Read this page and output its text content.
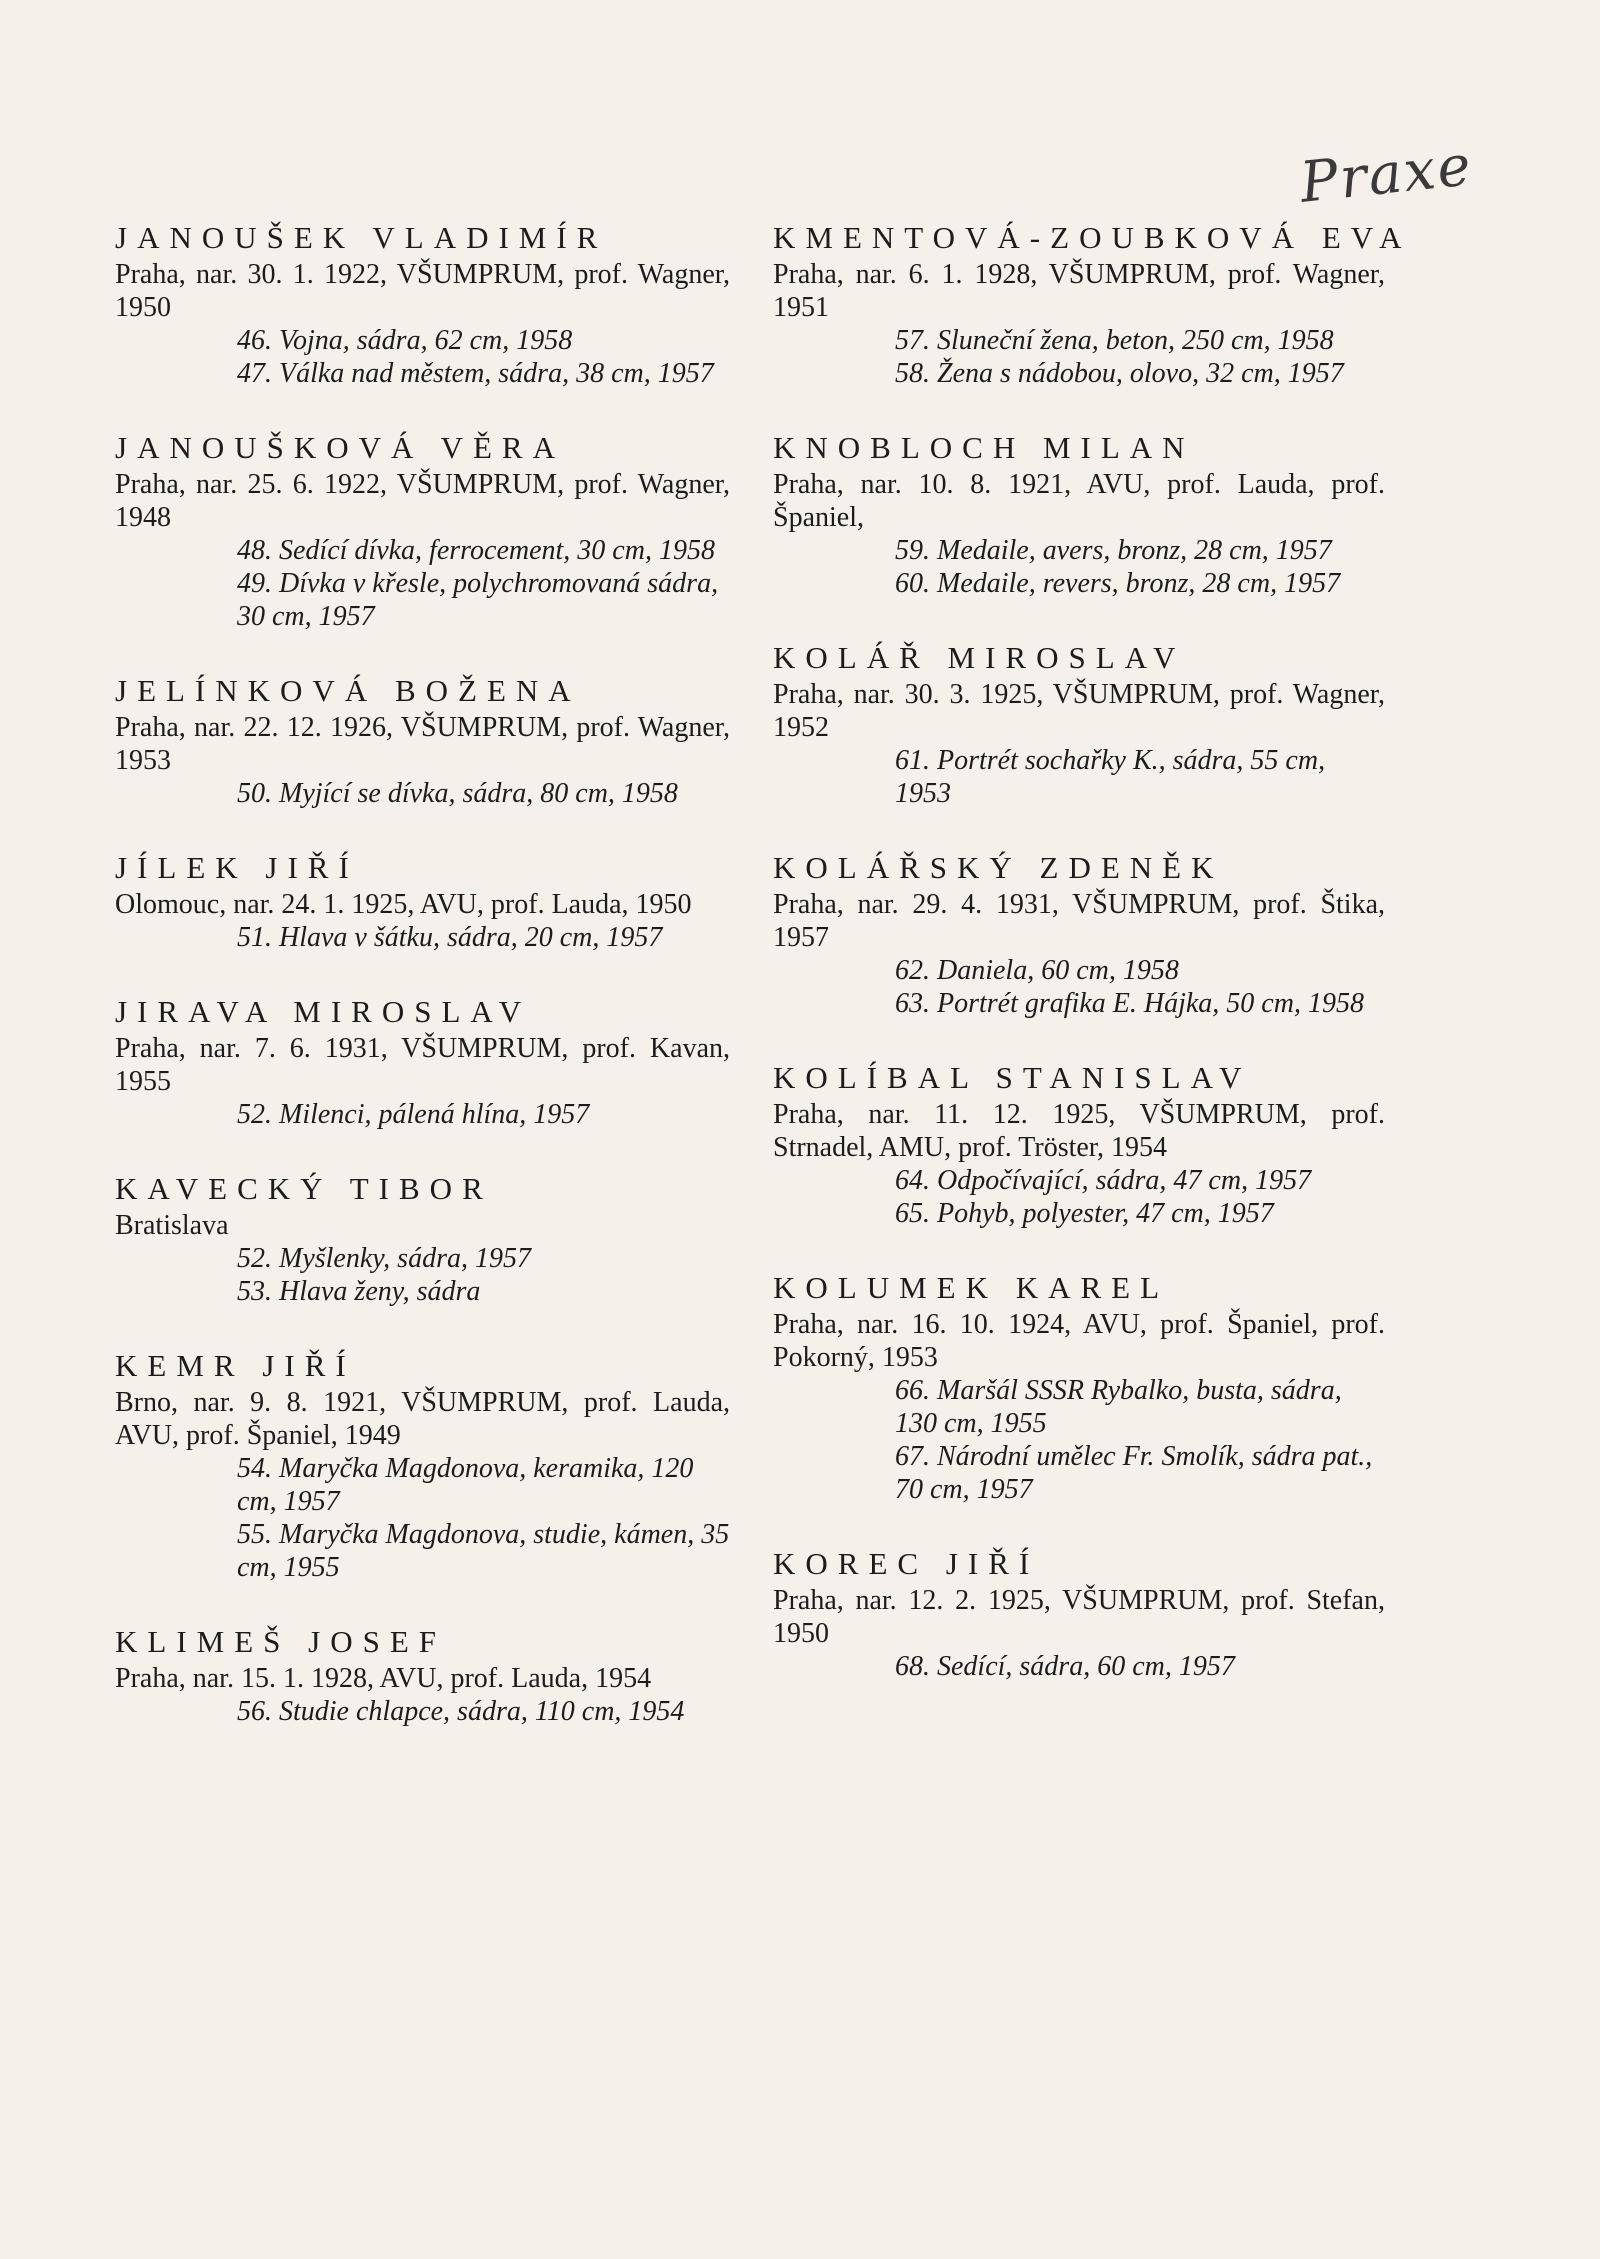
Praxe
JANOUŠEK VLADIMÍR
Praha, nar. 30. 1. 1922, VŠUMPRUM, prof. Wagner, 1950
46. Vojna, sádra, 62 cm, 1958
47. Válka nad městem, sádra, 38 cm, 1957
JANOUŠKOVÁ VĚRA
Praha, nar. 25. 6. 1922, VŠUMPRUM, prof. Wagner, 1948
48. Sedící dívka, ferrocement, 30 cm, 1958
49. Dívka v křesle, polychromovaná sádra, 30 cm, 1957
JELÍNKOVÁ BOŽENA
Praha, nar. 22. 12. 1926, VŠUMPRUM, prof. Wagner, 1953
50. Myjící se dívka, sádra, 80 cm, 1958
JÍLEK JIŘÍ
Olomouc, nar. 24. 1. 1925, AVU, prof. Lauda, 1950
51. Hlava v šátku, sádra, 20 cm, 1957
JIRAVA MIROSLAV
Praha, nar. 7. 6. 1931, VŠUMPRUM, prof. Kavan, 1955
52. Milenci, pálená hlína, 1957
KAVECKÝ TIBOR
Bratislava
52. Myšlenky, sádra, 1957
53. Hlava ženy, sádra
KEMR JIŘÍ
Brno, nar. 9. 8. 1921, VŠUMPRUM, prof. Lauda, AVU, prof. Španiel, 1949
54. Maryčka Magdonova, keramika, 120 cm, 1957
55. Maryčka Magdonova, studie, kámen, 35 cm, 1955
KLIMEŠ JOSEF
Praha, nar. 15. 1. 1928, AVU, prof. Lauda, 1954
56. Studie chlapce, sádra, 110 cm, 1954
KMENTOVÁ-ZOUBKOVÁ EVA
Praha, nar. 6. 1. 1928, VŠUMPRUM, prof. Wagner, 1951
57. Sluneční žena, beton, 250 cm, 1958
58. Žena s nádobou, olovo, 32 cm, 1957
KNOBLOCH MILAN
Praha, nar. 10. 8. 1921, AVU, prof. Lauda, prof. Španiel,
59. Medaile, avers, bronz, 28 cm, 1957
60. Medaile, revers, bronz, 28 cm, 1957
KOLÁŘ MIROSLAV
Praha, nar. 30. 3. 1925, VŠUMPRUM, prof. Wagner, 1952
61. Portrét sochařky K., sádra, 55 cm, 1953
KOLÁŘSKÝ ZDENĚK
Praha, nar. 29. 4. 1931, VŠUMPRUM, prof. Štika, 1957
62. Daniela, 60 cm, 1958
63. Portrét grafika E. Hájka, 50 cm, 1958
KOLÍBAL STANISLAV
Praha, nar. 11. 12. 1925, VŠUMPRUM, prof. Strnadel, AMU, prof. Tröster, 1954
64. Odpočívající, sádra, 47 cm, 1957
65. Pohyb, polyester, 47 cm, 1957
KOLUMEK KAREL
Praha, nar. 16. 10. 1924, AVU, prof. Španiel, prof. Pokorný, 1953
66. Maršál SSSR Rybalko, busta, sádra, 130 cm, 1955
67. Národní umělec Fr. Smolík, sádra pat., 70 cm, 1957
KOREC JIŘÍ
Praha, nar. 12. 2. 1925, VŠUMPRUM, prof. Stefan, 1950
68. Sedící, sádra, 60 cm, 1957
